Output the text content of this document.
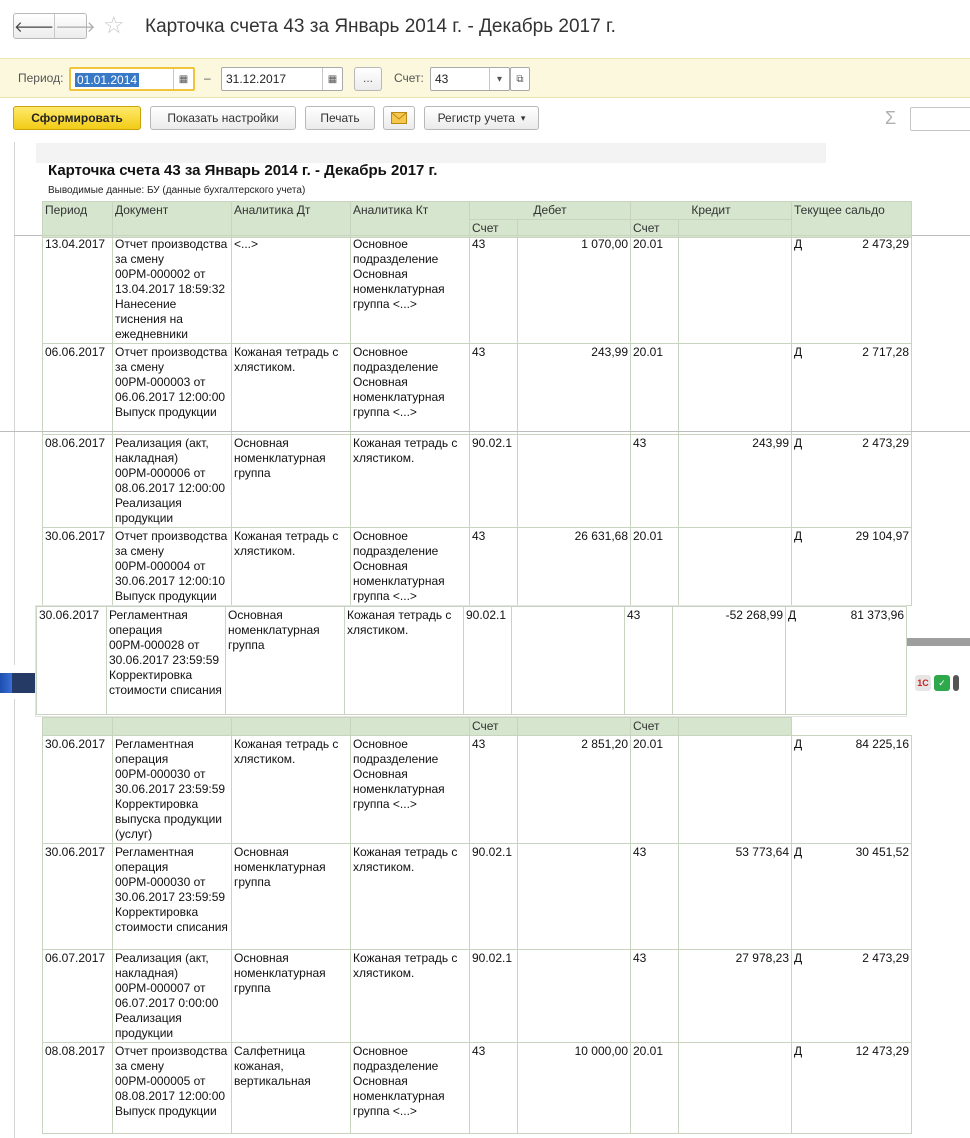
🡐 🡒 ☆ Карточка счета 43 за Январь 2014 г. - Декабрь 2017 г.
Период: 01.01.2014	▦	– 31.12.2017	▦	...	Счет: 43	▾	⧉
Сформировать	Показать настройки	Печать	Регистр учета ▾	Σ
Карточка счета 43 за Январь 2014 г. - Декабрь 2017 г.
Выводимые данные: БУ (данные бухгалтерского учета)
Период	Документ	Аналитика Дт	Аналитика Кт	Дебет		Кредит		Текущее сальдо
				Счет		Счет		
13.04.2017	Отчет производства за смену 00РМ-000002 от 13.04.2017 18:59:32 Нанесение тиснения на ежедневники	<...>	Основное подразделение Основная номенклатурная группа <...>	43	1 070,00	20.01		Д 2 473,29

06.06.2017	Отчет производства за смену 00РМ-000003 от 06.06.2017 12:00:00 Выпуск продукции	Кожаная тетрадь с хлястиком.	Основное подразделение Основная номенклатурная группа <...>	43	243,99	20.01		Д 2 717,28

08.06.2017	Реализация (акт, накладная) 00РМ-000006 от 08.06.2017 12:00:00 Реализация продукции	Основная номенклатурная группа	Кожаная тетрадь с хлястиком.	90.02.1		43	243,99	Д 2 473,29

30.06.2017	Отчет производства за смену 00РМ-000004 от 30.06.2017 12:00:10 Выпуск продукции	Кожаная тетрадь с хлястиком.	Основное подразделение Основная номенклатурная группа <...>	43	26 631,68	20.01		Д 29 104,97
1C	✓
				Счет		Счет		
30.06.2017	Регламентная операция 00РМ-000030 от 30.06.2017 23:59:59 Корректировка выпуска продукции (услуг)	Кожаная тетрадь с хлястиком.	Основное подразделение Основная номенклатурная группа <...>	43	2 851,20	20.01		Д 84 225,16

30.06.2017	Регламентная операция 00РМ-000030 от 30.06.2017 23:59:59 Корректировка стоимости списания	Основная номенклатурная группа	Кожаная тетрадь с хлястиком.	90.02.1		43	53 773,64	Д 30 451,52

06.07.2017	Реализация (акт, накладная) 00РМ-000007 от 06.07.2017 0:00:00 Реализация продукции	Основная номенклатурная группа	Кожаная тетрадь с хлястиком.	90.02.1		43	27 978,23	Д 2 473,29

08.08.2017	Отчет производства за смену 00РМ-000005 от 08.08.2017 12:00:00 Выпуск продукции	Салфетница кожаная, вертикальная	Основное подразделение Основная номенклатурная группа <...>	43	10 000,00	20.01		Д 12 473,29
30.06.2017	Регламентная операция 00РМ-000028 от 30.06.2017 23:59:59 Корректировка стоимости списания	Основная номенклатурная группа	Кожаная тетрадь с хлястиком.	90.02.1		43	-52 268,99	Д	81 373,96
